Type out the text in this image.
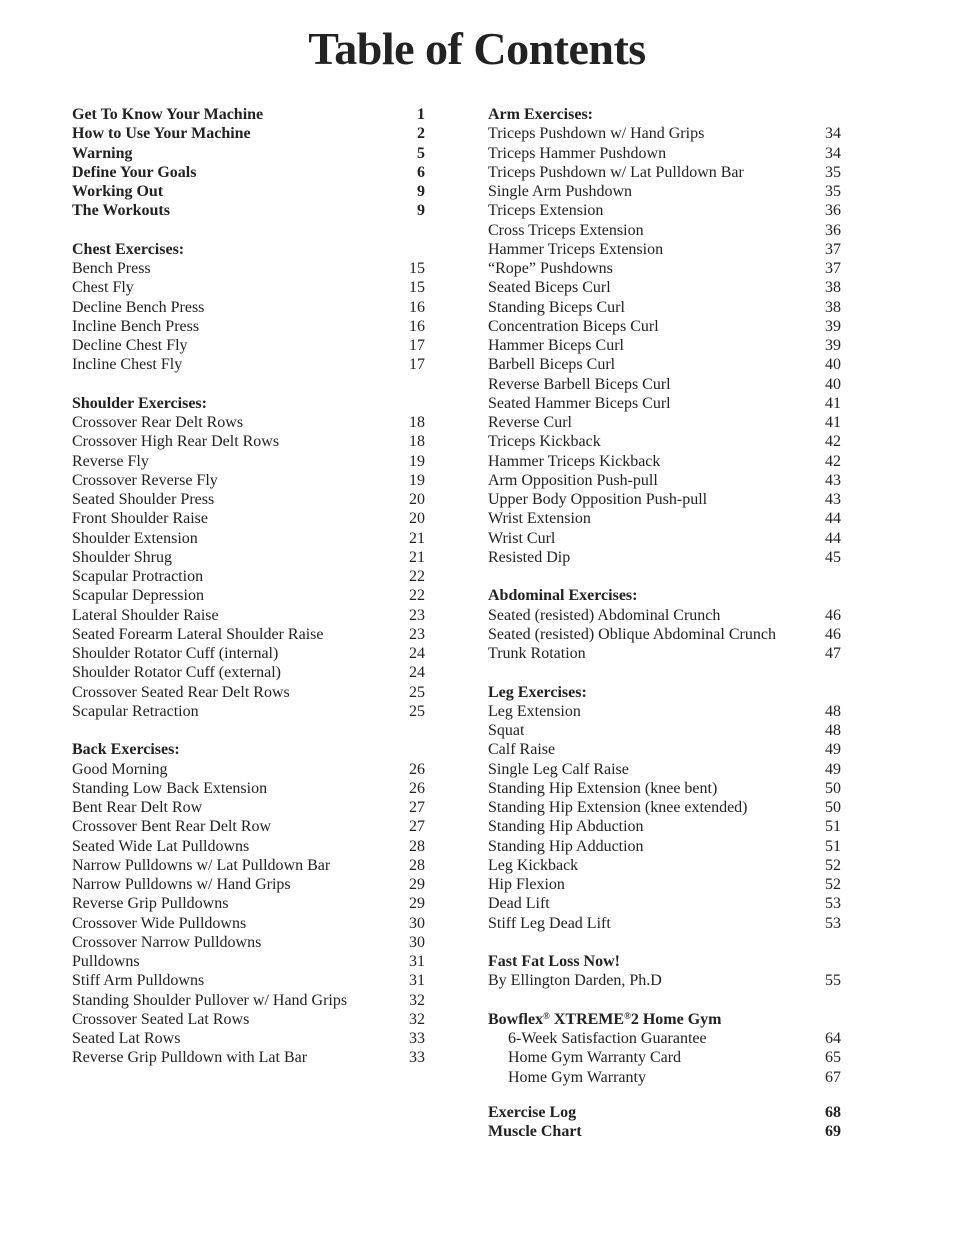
Table of Contents
Get To Know Your Machine	1
How to Use Your Machine	2
Warning	5
Define Your Goals	6
Working Out	9
The Workouts	9
Chest Exercises:
Bench Press	15
Chest Fly	15
Decline Bench Press	16
Incline Bench Press	16
Decline Chest Fly	17
Incline Chest Fly	17
Shoulder Exercises:
Crossover Rear Delt Rows	18
Crossover High Rear Delt Rows	18
Reverse Fly	19
Crossover Reverse Fly	19
Seated Shoulder Press	20
Front Shoulder Raise	20
Shoulder Extension	21
Shoulder Shrug	21
Scapular Protraction	22
Scapular Depression	22
Lateral Shoulder Raise	23
Seated Forearm Lateral Shoulder Raise	23
Shoulder Rotator Cuff (internal)	24
Shoulder Rotator Cuff (external)	24
Crossover Seated Rear Delt Rows	25
Scapular Retraction	25
Back Exercises:
Good Morning	26
Standing Low Back Extension	26
Bent Rear Delt Row	27
Crossover Bent Rear Delt Row	27
Seated Wide Lat Pulldowns	28
Narrow Pulldowns w/ Lat Pulldown Bar	28
Narrow Pulldowns w/ Hand Grips	29
Reverse Grip Pulldowns	29
Crossover Wide Pulldowns	30
Crossover Narrow Pulldowns	30
Pulldowns	31
Stiff Arm Pulldowns	31
Standing Shoulder Pullover w/ Hand Grips	32
Crossover Seated Lat Rows	32
Seated Lat Rows	33
Reverse Grip Pulldown with Lat Bar	33
Arm Exercises:
Triceps Pushdown w/ Hand Grips	34
Triceps Hammer Pushdown	34
Triceps Pushdown w/ Lat Pulldown Bar	35
Single Arm Pushdown	35
Triceps Extension	36
Cross Triceps Extension	36
Hammer Triceps Extension	37
“Rope” Pushdowns	37
Seated Biceps Curl	38
Standing Biceps Curl	38
Concentration Biceps Curl	39
Hammer Biceps Curl	39
Barbell Biceps Curl	40
Reverse Barbell Biceps Curl	40
Seated Hammer Biceps Curl	41
Reverse Curl	41
Triceps Kickback	42
Hammer Triceps Kickback	42
Arm Opposition Push-pull	43
Upper Body Opposition Push-pull	43
Wrist Extension	44
Wrist Curl	44
Resisted Dip	45
Abdominal Exercises:
Seated (resisted) Abdominal Crunch	46
Seated (resisted) Oblique Abdominal Crunch	46
Trunk Rotation	47
Leg Exercises:
Leg Extension	48
Squat	48
Calf Raise	49
Single Leg Calf Raise	49
Standing Hip Extension (knee bent)	50
Standing Hip Extension (knee extended)	50
Standing Hip Abduction	51
Standing Hip Adduction	51
Leg Kickback	52
Hip Flexion	52
Dead Lift	53
Stiff Leg Dead Lift	53
Fast Fat Loss Now!
By Ellington Darden, Ph.D	55
Bowflex® XTREME®2 Home Gym
6-Week Satisfaction Guarantee	64
Home Gym Warranty Card	65
Home Gym Warranty	67
Exercise Log	68
Muscle Chart	69
